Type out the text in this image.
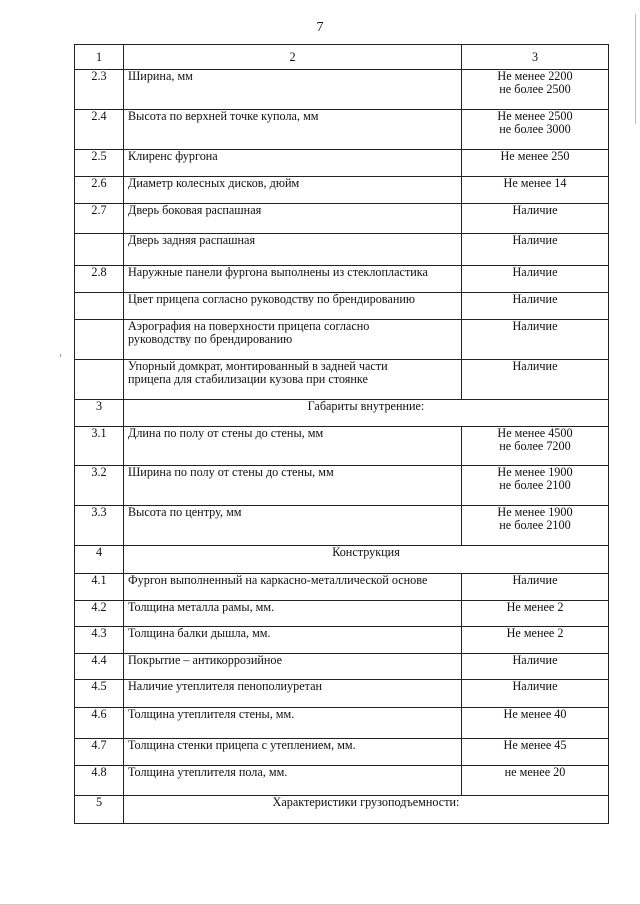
7
1	2	3
2.3	Ширина, мм	Не менее 2200
не более 2500

2.4	Высота по верхней точке купола, мм	Не менее 2500
не более 3000

2.5	Клиренс фургона	Не менее 250

2.6	Диаметр колесных дисков, дюйм	Не менее 14

2.7	Дверь боковая распашная	Наличие

	Дверь задняя распашная	Наличие

2.8	Наружные панели фургона выполнены из стеклопластика	Наличие

	Цвет прицепа согласно руководству по брендированию	Наличие

	Аэрография на поверхности прицепа согласно
руководству по брендированию	Наличие

	Упорный домкрат, монтированный в задней части
прицепа для стабилизации кузова при стоянке	Наличие

3	Габариты внутренние:	
3.1	Длина по полу от стены до стены, мм	Не менее 4500
не более 7200

3.2	Ширина по полу от стены до стены, мм	Не менее 1900
не более 2100

3.3	Высота по центру, мм	Не менее 1900
не более 2100

4	Конструкция	
4.1	Фургон выполненный на каркасно-металлической основе	Наличие

4.2	Толщина металла рамы, мм.	Не менее 2

4.3	Толщина балки дышла, мм.	Не менее 2

4.4	Покрытие – антикоррозийное	Наличие

4.5	Наличие утеплителя пенополиуретан	Наличие

4.6	Толщина утеплителя стены, мм.	Не менее 40

4.7	Толщина стенки прицепа с утеплением, мм.	Не менее 45

4.8	Толщина утеплителя пола, мм.	не менее 20

5	Характеристики грузоподъемности:	
